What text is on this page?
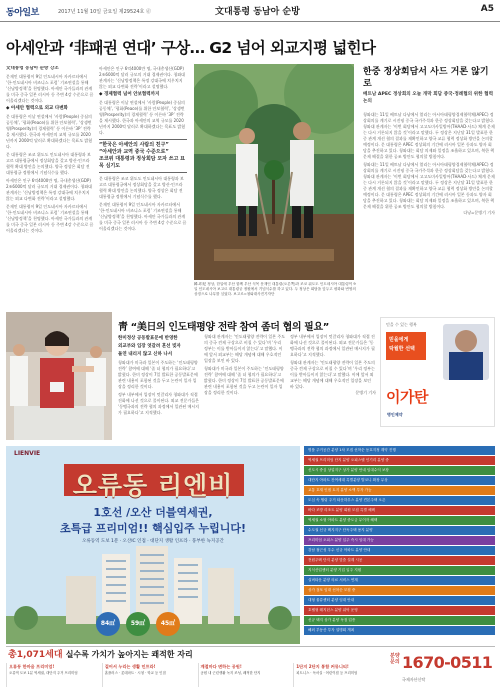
동아일보	2017년 11월 10일 금요일 제29524호 ⓓ	文대통령 동남아 순방	A5
아세안과 ‘非패권 연대’ 구상… G2 넘어 외교지평 넓힌다
文대통령 동남아 순방 강조

문재인 대통령이 9일 인도네시아 자카르타에서 ‘한-인도네시아 비즈니스 포럼’ 기조연설을 통해 ‘신남방정책’을 천명했다. 아세안 국가들과의 관계를 미국 중국 일본 러시아 등 주변 4강 수준으로 끌어올리겠다는 것이다.

◆ 아세안 협력으로 외교 다변화

문 대통령은 이날 연설에서 ‘사람(People) 중심의 공동체’, ‘평화(Peace)를 위한 안보협력’, ‘상생번영(Prosperity)의 경제협력’ 등 이른바 ‘3P’ 전략을 제시했다. 한국과 아세안의 교역 규모를 2020년까지 2000억 달러로 확대하겠다는 목표도 밝혔다.

문 대통령은 조코 위도도 인도네시아 대통령과 보고르 대통령궁에서 정상회담을 갖고 방산·인프라 협력 확대 방안을 논의했다. 양국 정상은 회담 전 대통령궁 정원에서 기념식수를 했다.

아세안은 인구 6억4000만 명, 국내총생산(GDP) 2조6000억 달러 규모의 거대 경제권이다. 청와대 관계자는 ‘신남방정책은 특정 강대국에 치우치지 않는 외교 다변화 전략’이라고 설명했다.

문재인 대통령이 9일 인도네시아 자카르타에서 ‘한-인도네시아 비즈니스 포럼’ 기조연설을 통해 ‘신남방정책’을 천명했다. 아세안 국가들과의 관계를 미국 중국 일본 러시아 등 주변 4강 수준으로 끌어올리겠다는 것이다.

아세안은 인구 6억4000만 명, 국내총생산(GDP) 2조6000억 달러 규모의 거대 경제권이다. 청와대 관계자는 ‘신남방정책은 특정 강대국에 치우치지 않는 외교 다변화 전략’이라고 설명했다.

◆ 경제협력 넘어 안보협력까지

문 대통령은 이날 연설에서 ‘사람(People) 중심의 공동체’, ‘평화(Peace)를 위한 안보협력’, ‘상생번영(Prosperity)의 경제협력’ 등 이른바 ‘3P’ 전략을 제시했다. 한국과 아세안의 교역 규모를 2020년까지 2000억 달러로 확대하겠다는 목표도 밝혔다.

“한국은 아세안의 사람의 친구”
“아세안과 교역 중국 수준으로”
조코위 대통령과 정상회담 모자 쓰고 묘목 심기도

문 대통령은 조코 위도도 인도네시아 대통령과 보고르 대통령궁에서 정상회담을 갖고 방산·인프라 협력 확대 방안을 논의했다. 양국 정상은 회담 전 대통령궁 정원에서 기념식수를 했다.

문재인 대통령이 9일 인도네시아 자카르타에서 ‘한-인도네시아 비즈니스 포럼’ 기조연설을 통해 ‘신남방정책’을 천명했다. 아세안 국가들과의 관계를 미국 중국 일본 러시아 등 주변 4강 수준으로 끌어올리겠다는 것이다.

韓-印尼 정상, 한입에 우산 함께 우산 식목 문재인 대통령(오른쪽)과 조코 위도도 인도네시아 대통령이 9일 인도네시아 보고르 대통령궁 정원에서 기념식수를 하고 있다. 두 정상은 회담을 앞두고 평화와 번영의 상징으로 나무를 심었다. 보고르=청와대사진기자단
한중 정상회담서 사드 거론 않기로
베트남 APEC 정상회의 오늘 개막 회담 중국·정례협의 위한 협력 논의

청와대는 11일 베트남 다낭에서 열리는 아시아태평양경제협력체(APEC) 정상회의를 계기로 시진핑 중국 국가주석과 한중 정상회담을 갖는다고 밝혔다. 청와대 관계자는 ‘이번 회담에서 고고도미사일방어(THAAD·사드) 체계 문제는 다시 거론되지 않을 것’이라고 말했다. 두 정상은 지난달 31일 발표한 한중 관계 개선 협의 결과를 재확인하고 양국 교류 협력 정상화 방안을 논의할 예정이다. 문 대통령은 APEC 정상회의 기간에 러시아 일본 등과도 양자 회담을 추진하고 있다. 청와대는 회담 의제와 일정을 조율하고 있으며, 북한 핵 문제 해결을 위한 공조 방안도 협의할 방침이다.

청와대는 11일 베트남 다낭에서 열리는 아시아태평양경제협력체(APEC) 정상회의를 계기로 시진핑 중국 국가주석과 한중 정상회담을 갖는다고 밝혔다. 청와대 관계자는 ‘이번 회담에서 고고도미사일방어(THAAD·사드) 체계 문제는 다시 거론되지 않을 것’이라고 말했다. 두 정상은 지난달 31일 발표한 한중 관계 개선 협의 결과를 재확인하고 양국 교류 협력 정상화 방안을 논의할 예정이다. 문 대통령은 APEC 정상회의 기간에 러시아 일본 등과도 양자 회담을 추진하고 있다. 청와대는 회담 의제와 일정을 조율하고 있으며, 북한 핵 문제 해결을 위한 공조 방안도 협의할 방침이다.

다낭=문병기 기자

靑 “美日의 인도태평양 전략 참여 좀더 협의 필요”
한미정상 공동발표문에 반영한
외교부와 입장 엇갈려 혼선 빚자
돌연 내리지 않고 신하 나서

청와대가 미국과 일본이 주도하는 ‘인도태평양 전략’ 참여에 대해 ‘좀 더 협의가 필요하다’고 밝혔다. 한미 정상이 7일 발표한 공동발표문에 관련 내용이 포함된 것을 두고 논란이 일자 입장을 정리한 것이다.

정부 내부에서 입장이 엇갈리자 청와대가 직접 진화에 나선 것으로 풀이된다. 외교 전문가들은 ‘동맹국과의 전략 협의 과정에서 일관된 메시지가 필요하다’고 지적했다.

청와대 관계자는 ‘인도태평양 전략이 일본 주도의 중국 견제 구상으로 비칠 수 있다’며 ‘우리 정부는 이를 받아들이지 않는다’고 말했다. 이에 앞서 외교부는 해당 개념에 대해 우호적인 입장을 보인 바 있다.

청와대가 미국과 일본이 주도하는 ‘인도태평양 전략’ 참여에 대해 ‘좀 더 협의가 필요하다’고 밝혔다. 한미 정상이 7일 발표한 공동발표문에 관련 내용이 포함된 것을 두고 논란이 일자 입장을 정리한 것이다.

정부 내부에서 입장이 엇갈리자 청와대가 직접 진화에 나선 것으로 풀이된다. 외교 전문가들은 ‘동맹국과의 전략 협의 과정에서 일관된 메시지가 필요하다’고 지적했다.

청와대 관계자는 ‘인도태평양 전략이 일본 주도의 중국 견제 구상으로 비칠 수 있다’며 ‘우리 정부는 이를 받아들이지 않는다’고 말했다. 이에 앞서 외교부는 해당 개념에 대해 우호적인 입장을 보인 바 있다.

문병기 기자

믿을 수 있는 행복
믿을에게
탁월한 선택
이가탄
명인제약
LIENVIE
오류동 리엔비
1호선 /오산 더블역세권,
초특급 프리미엄!! 핵심입주 누립니다!
오류동역 도보 1분 · 오산IC 인접 · 대단지 생활 인프라 · 풍부한 녹지공간
84㎡	59㎡	45㎡
명품 주거공간 분양 1차 모집 선착순 동호지정 계약 진행
역세권 프리미엄 단지 분양 오피스텔 인기리 분양 중
신도시 중심 상업지구 상가 분양 안내 임대수익 보장
대단지 아파트 잔여세대 특별분양 발코니 확장 무상
교통 호재 인접 토지 분양 소액 투자 가능
도심 속 힐링 주거 타운하우스 분양 견본주택 오픈
바다 조망 리조트 분양 회원 모집 특별 혜택
역세권 소형 아파트 분양 중도금 무이자 혜택
수도권 신규 택지지구 단독주택 용지 분양
프리미엄 오피스 분양 입주 즉시 임대 가능
강남 접근성 우수 신규 아파트 분양 안내
전원주택 단지 분양 맞춤 설계 시공
지식산업센터 분양 기업 입주 지원
실버타운 분양 의료 서비스 연계
상가 점포 임대 선착순 모집 중
대형 물류센터 분양 임대 안내
호텔형 레지던스 분양 위탁 운영
신규 택지 상가 분양 독점 업종
해외 부동산 투자 설명회 개최
총1,071세대 실수록 가치가 높아지는 쾌적한 자리
오류동 한마음 프리미엄!
오류역 도보 1분 역세권, 대단지 주거 프리미엄
걸어서 누리는 생활 인프라!
홈플러스 · 롯데마트 · 시청 · 학교 등 인접
계절마다 변하는 공원!
공원 내 근린생활 녹지 조성, 쾌적한 단지
1단지 2단지 통합 커뮤니티!
피트니스 · 독서실 · 어린이집 등 프리미엄
분양문의 1670-0511
국제자산신탁
